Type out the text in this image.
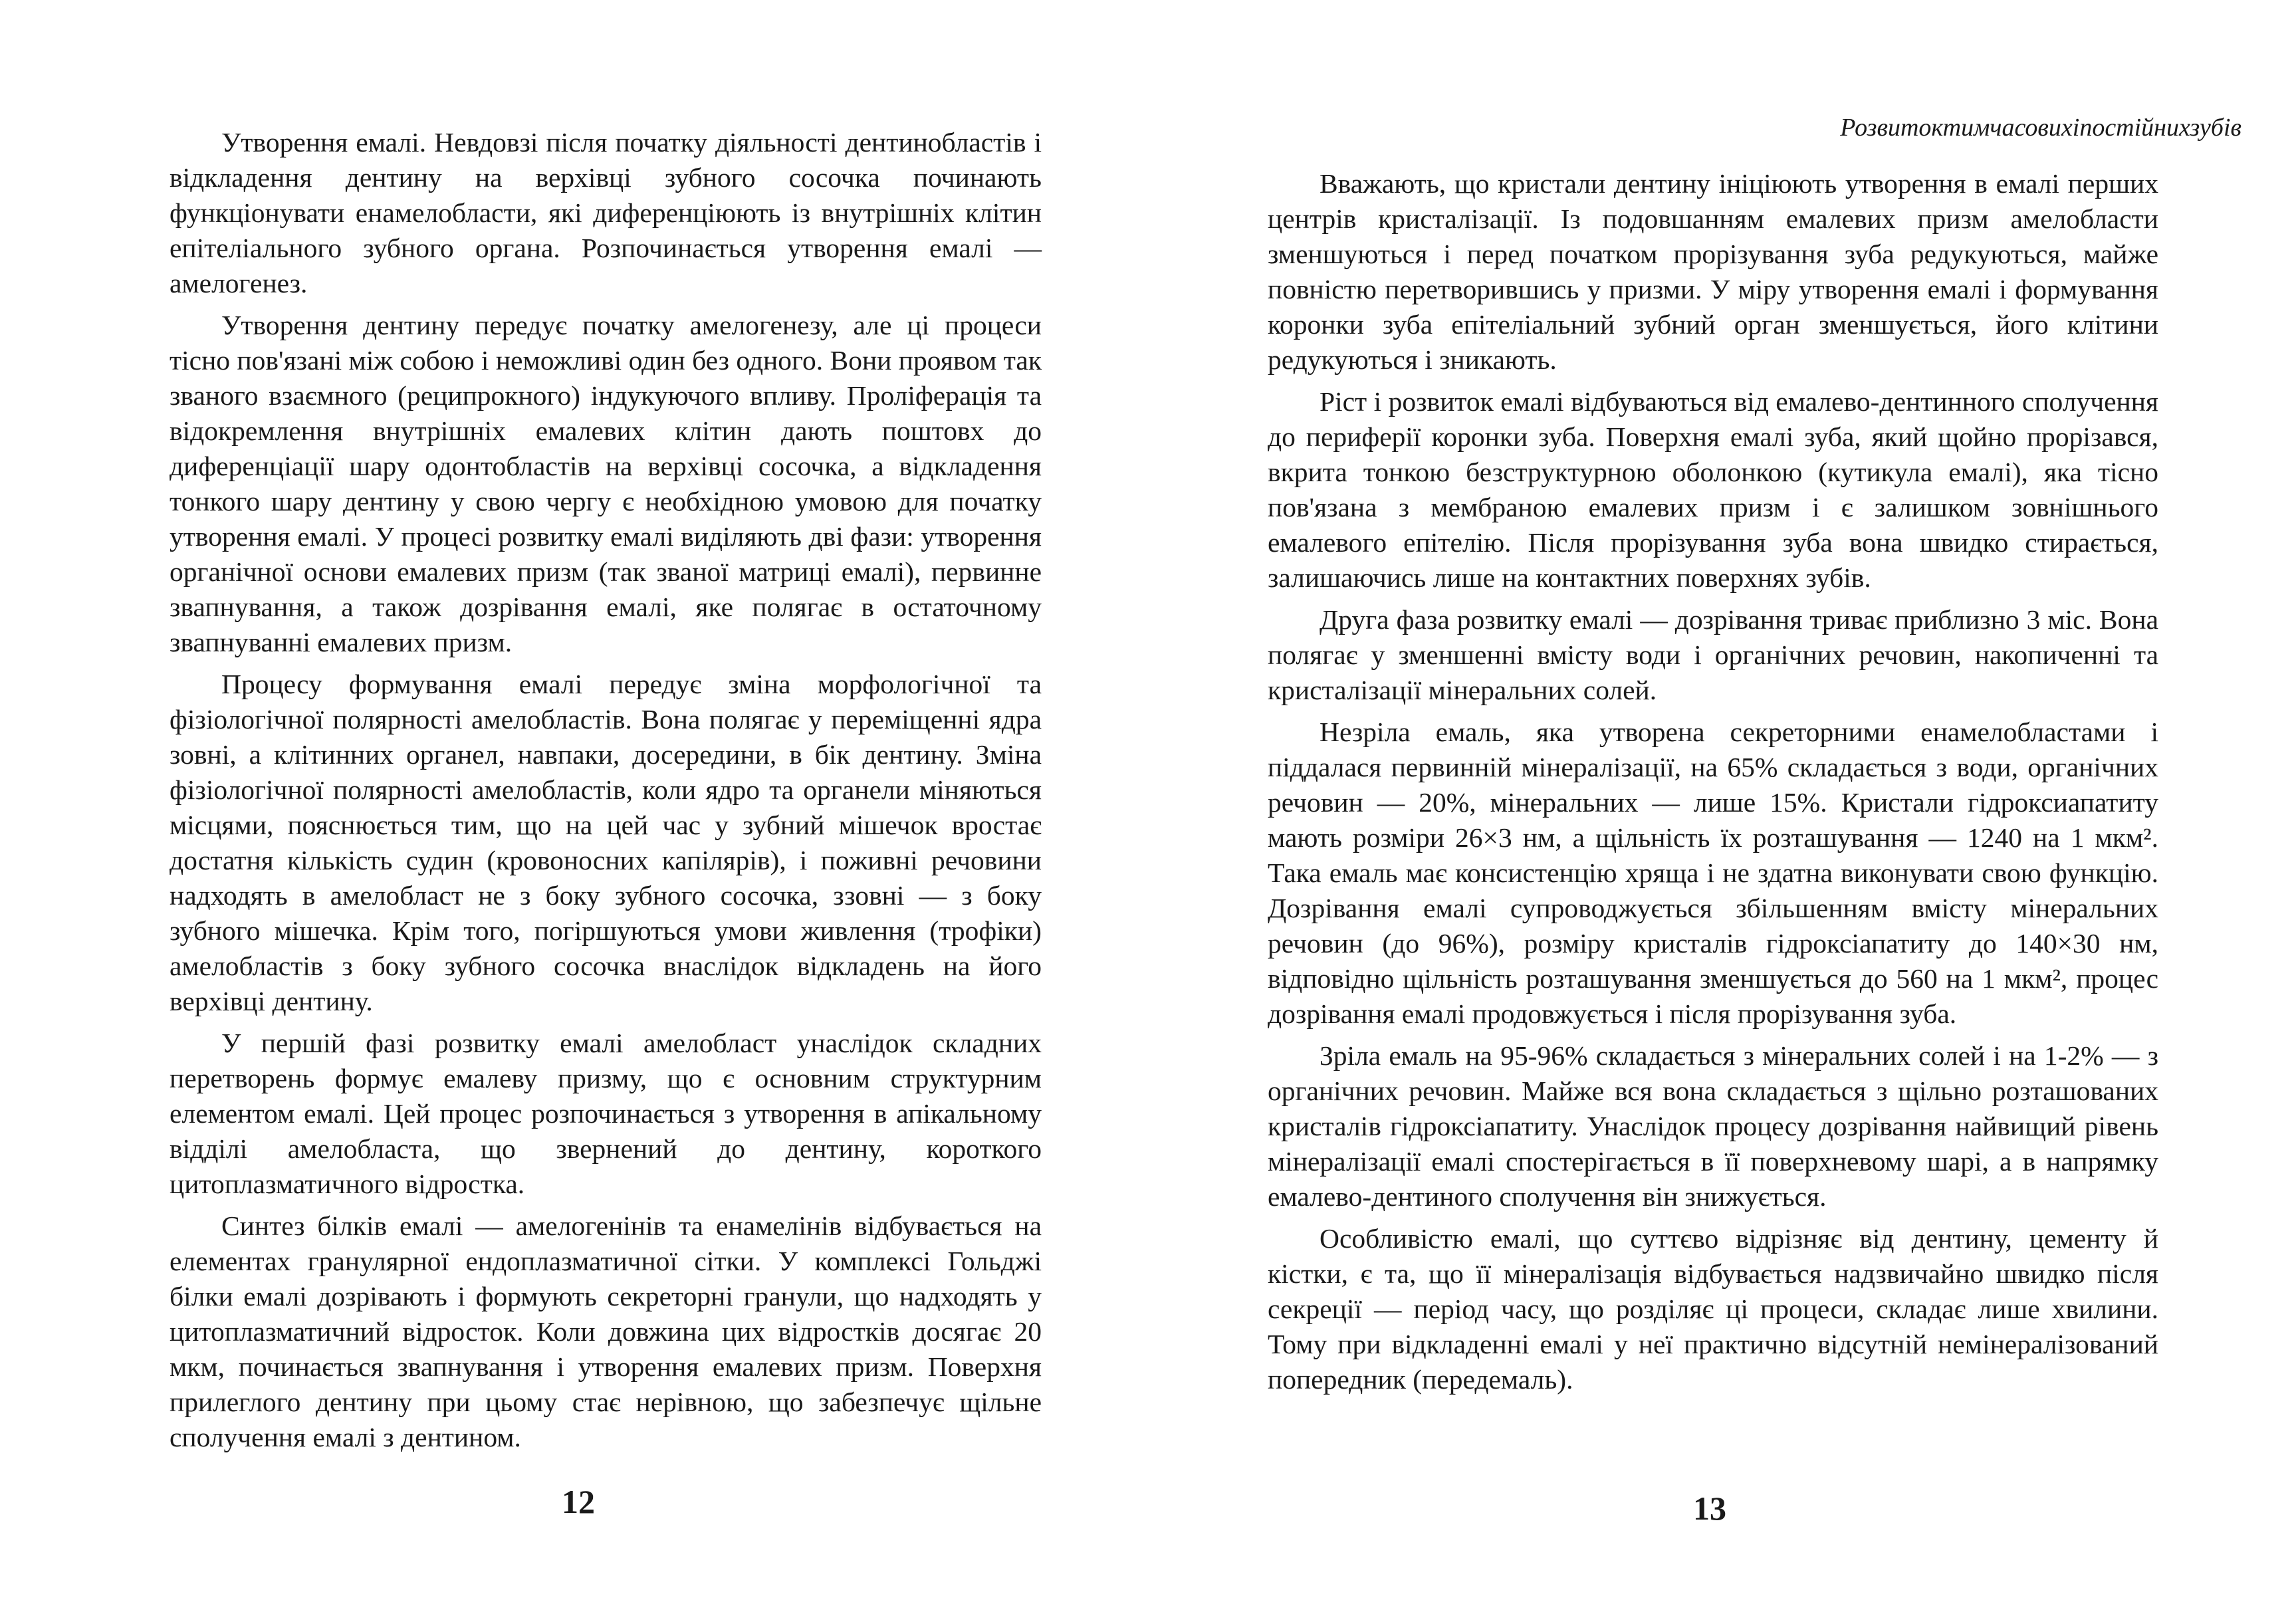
Утворення емалі. Невдовзі після початку діяльності дентинобластів і відкладення дентину на верхівці зубного сосочка починають функціонувати енамелобласти, які диференціюють із внутрішніх клітин епітеліального зубного органа. Розпочинається утворення емалі — амелогенез.

Утворення дентину передує початку амелогенезу, але ці процеси тісно пов'язані між собою і неможливі один без одного. Вони проявом так званого взаємного (реципрокного) індукуючого впливу. Проліферація та відокремлення внутрішніх емалевих клітин дають поштовх до диференціації шару одонтобластів на верхівці сосочка, а відкладення тонкого шару дентину у свою чергу є необхідною умовою для початку утворення емалі. У процесі розвитку емалі виділяють дві фази: утворення органічної основи емалевих призм (так званої матриці емалі), первинне звапнування, а також дозрівання емалі, яке полягає в остаточному звапнуванні емалевих призм.

Процесу формування емалі передує зміна морфологічної та фізіологічної полярності амелобластів. Вона полягає у переміщенні ядра зовні, а клітинних органел, навпаки, досередини, в бік дентину. Зміна фізіологічної полярності амелобластів, коли ядро та органели міняються місцями, пояснюється тим, що на цей час у зубний мішечок вростає достатня кількість судин (кровоносних капілярів), і поживні речовини надходять в амелобласт не з боку зубного сосочка, ззовні — з боку зубного мішечка. Крім того, погіршуються умови живлення (трофіки) амелобластів з боку зубного сосочка внаслідок відкладень на його верхівці дентину.

У першій фазі розвитку емалі амелобласт унаслідок складних перетворень формує емалеву призму, що є основним структурним елементом емалі. Цей процес розпочинається з утворення в апікальному відділі амелобласта, що звернений до дентину, короткого цитоплазматичного відростка.

Синтез білків емалі — амелогенінів та енамелінів відбувається на елементах гранулярної ендоплазматичної сітки. У комплексі Гольджі білки емалі дозрівають і формують секреторні гранули, що надходять у цитоплазматичний відросток. Коли довжина цих відростків досягає 20 мкм, починається звапнування і утворення емалевих призм. Поверхня прилеглого дентину при цьому стає нерівною, що забезпечує щільне сполучення емалі з дентином.

12
Розвитоктимчасовихіпостійнихзубів

Вважають, що кристали дентину ініціюють утворення в емалі перших центрів кристалізації. Із подовшанням емалевих призм амелобласти зменшуються і перед початком прорізування зуба редукуються, майже повністю перетворившись у призми. У міру утворення емалі і формування коронки зуба епітеліальний зубний орган зменшується, його клітини редукуються і зникають.

Ріст і розвиток емалі відбуваються від емалево-дентинного сполучення до периферії коронки зуба. Поверхня емалі зуба, який щойно прорізався, вкрита тонкою безструктурною оболонкою (кутикула емалі), яка тісно пов'язана з мембраною емалевих призм і є залишком зовнішнього емалевого епітелію. Після прорізування зуба вона швидко стирається, залишаючись лише на контактних поверхнях зубів.

Друга фаза розвитку емалі — дозрівання триває приблизно 3 міс. Вона полягає у зменшенні вмісту води і органічних речовин, накопиченні та кристалізації мінеральних солей.

Незріла емаль, яка утворена секреторними енамелобластами і піддалася первинній мінералізації, на 65% складається з води, органічних речовин — 20%, мінеральних — лише 15%. Кристали гідроксиапатиту мають розміри 26×3 нм, а щільність їх розташування — 1240 на 1 мкм². Така емаль має консистенцію хряща і не здатна виконувати свою функцію. Дозрівання емалі супроводжується збільшенням вмісту мінеральних речовин (до 96%), розміру кристалів гідроксіапатиту до 140×30 нм, відповідно щільність розташування зменшується до 560 на 1 мкм², процес дозрівання емалі продовжується і після прорізування зуба.

Зріла емаль на 95-96% складається з мінеральних солей і на 1-2% — з органічних речовин. Майже вся вона складається з щільно розташованих кристалів гідроксіапатиту. Унаслідок процесу дозрівання найвищий рівень мінералізації емалі спостерігається в її поверхневому шарі, а в напрямку емалево-дентиного сполучення він знижується.

Особливістю емалі, що суттєво відрізняє від дентину, цементу й кістки, є та, що її мінералізація відбувається надзвичайно швидко після секреції — період часу, що розділяє ці процеси, складає лише хвилини. Тому при відкладенні емалі у неї практично відсутній немінералізований попередник (передемаль).

13
